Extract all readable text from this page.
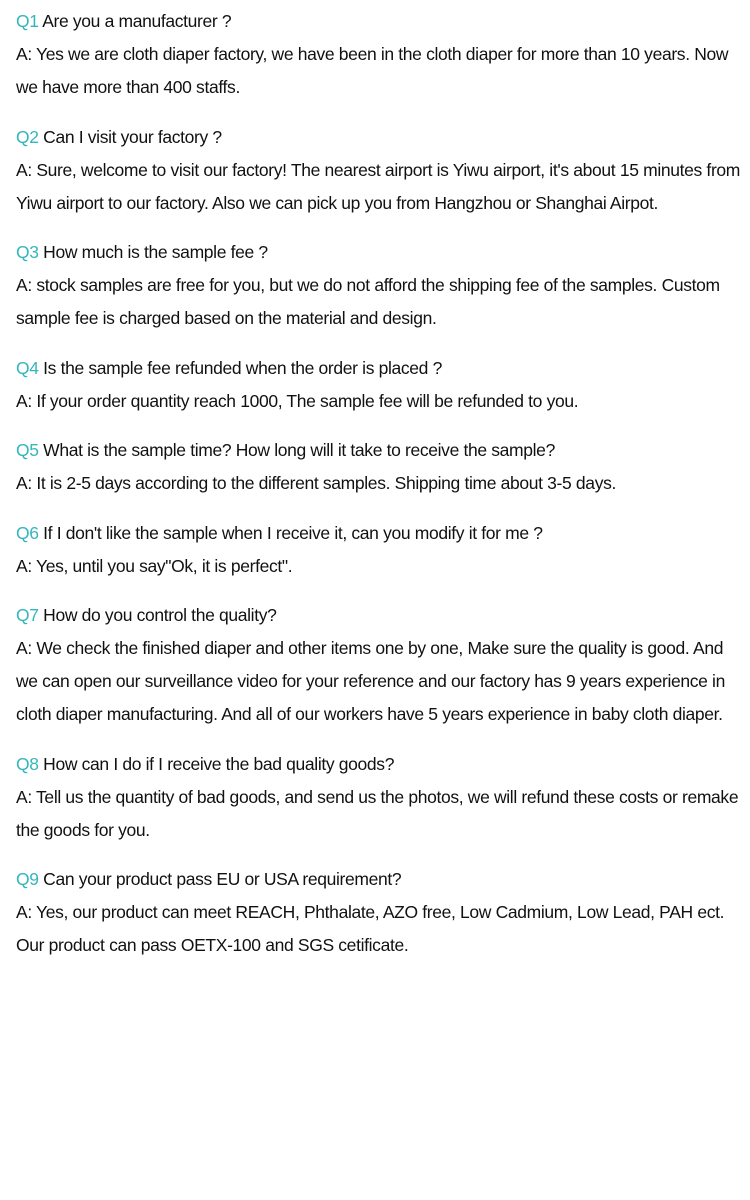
Q1 Are you a manufacturer ?
A: Yes we are cloth diaper factory, we have been in the cloth diaper for more than 10 years. Now we have more than 400 staffs.
Q2 Can I visit your factory ?
A: Sure, welcome to visit our factory! The nearest airport is Yiwu airport, it's about 15 minutes from Yiwu airport to our factory. Also we can pick up you from Hangzhou or Shanghai Airpot.
Q3 How much is the sample fee ?
A: stock samples are free for you, but we do not afford the shipping fee of the samples. Custom sample fee is charged based on the material and design.
Q4 Is the sample fee refunded when the order is placed ?
A: If your order quantity reach 1000, The sample fee will be refunded to you.
Q5 What is the sample time? How long will it take to receive the sample?
A: It is 2-5 days according to the different samples. Shipping time about 3-5 days.
Q6 If I don't like the sample when I receive it, can you modify it for me ?
A: Yes, until you say"Ok, it is perfect".
Q7 How do you control the quality?
A: We check the finished diaper and other items one by one, Make sure the quality is good. And we can open our surveillance video for your reference and our factory has 9 years experience in cloth diaper manufacturing. And all of our workers have 5 years experience in baby cloth diaper.
Q8 How can I do if I receive the bad quality goods?
A: Tell us the quantity of bad goods, and send us the photos, we will refund these costs or remake the goods for you.
Q9 Can your product pass EU or USA requirement?
A: Yes, our product can meet REACH, Phthalate, AZO free, Low Cadmium, Low Lead, PAH ect. Our product can pass OETX-100 and SGS cetificate.
